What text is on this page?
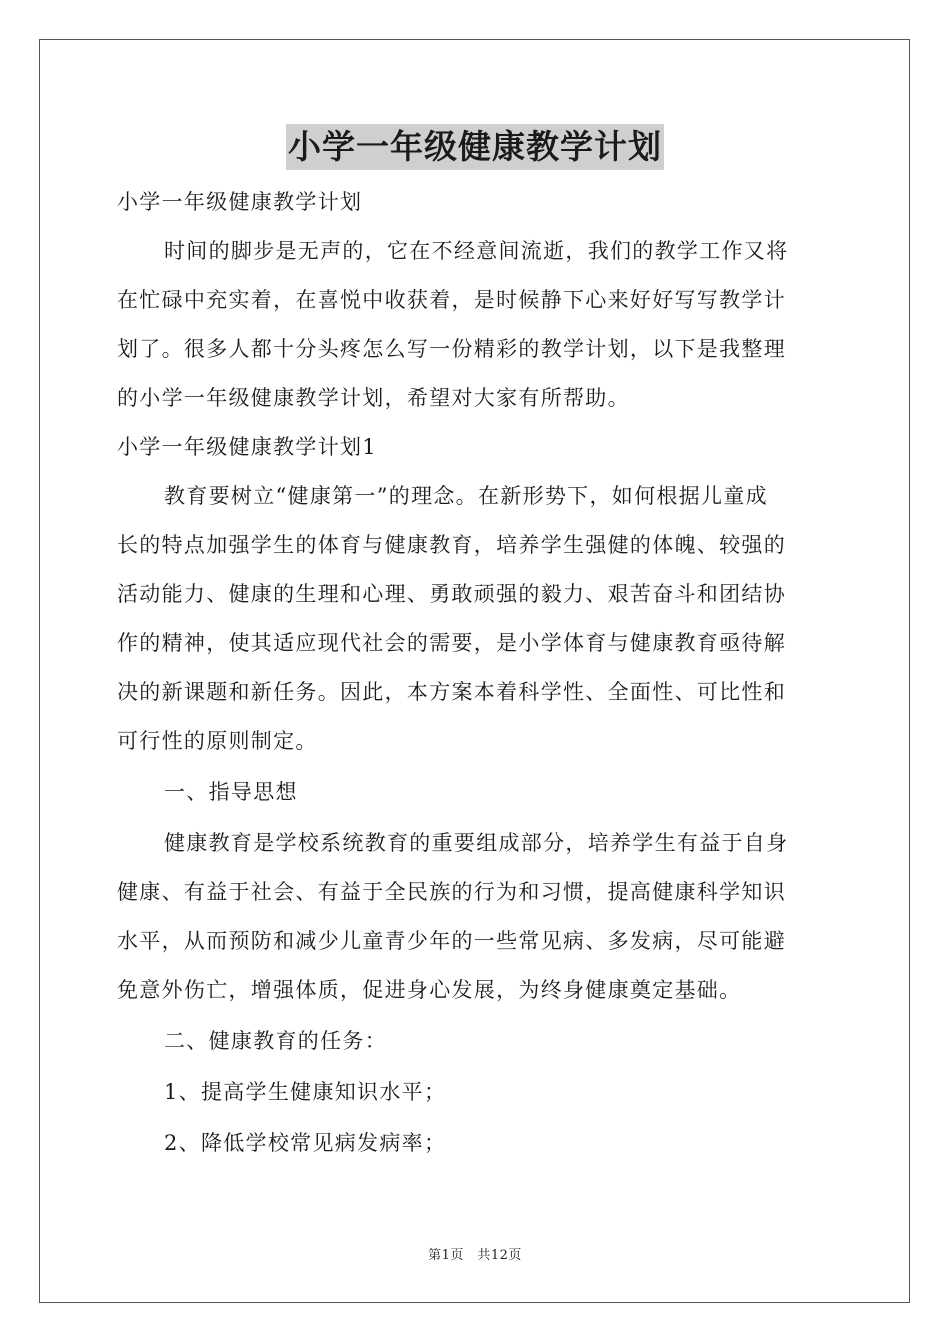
小学一年级健康教学计划
小学一年级健康教学计划
时间的脚步是无声的，它在不经意间流逝，我们的教学工作又将
在忙碌中充实着，在喜悦中收获着，是时候静下心来好好写写教学计
划了。很多人都十分头疼怎么写一份精彩的教学计划，以下是我整理
的小学一年级健康教学计划，希望对大家有所帮助。
小学一年级健康教学计划1
教育要树立“健康第一”的理念。在新形势下，如何根据儿童成
长的特点加强学生的体育与健康教育，培养学生强健的体魄、较强的
活动能力、健康的生理和心理、勇敢顽强的毅力、艰苦奋斗和团结协
作的精神，使其适应现代社会的需要，是小学体育与健康教育亟待解
决的新课题和新任务。因此，本方案本着科学性、全面性、可比性和
可行性的原则制定。
一、指导思想
健康教育是学校系统教育的重要组成部分，培养学生有益于自身
健康、有益于社会、有益于全民族的行为和习惯，提高健康科学知识
水平，从而预防和减少儿童青少年的一些常见病、多发病，尽可能避
免意外伤亡，增强体质，促进身心发展，为终身健康奠定基础。
二、健康教育的任务：
1、提高学生健康知识水平；
2、降低学校常见病发病率；
第1页　共12页
